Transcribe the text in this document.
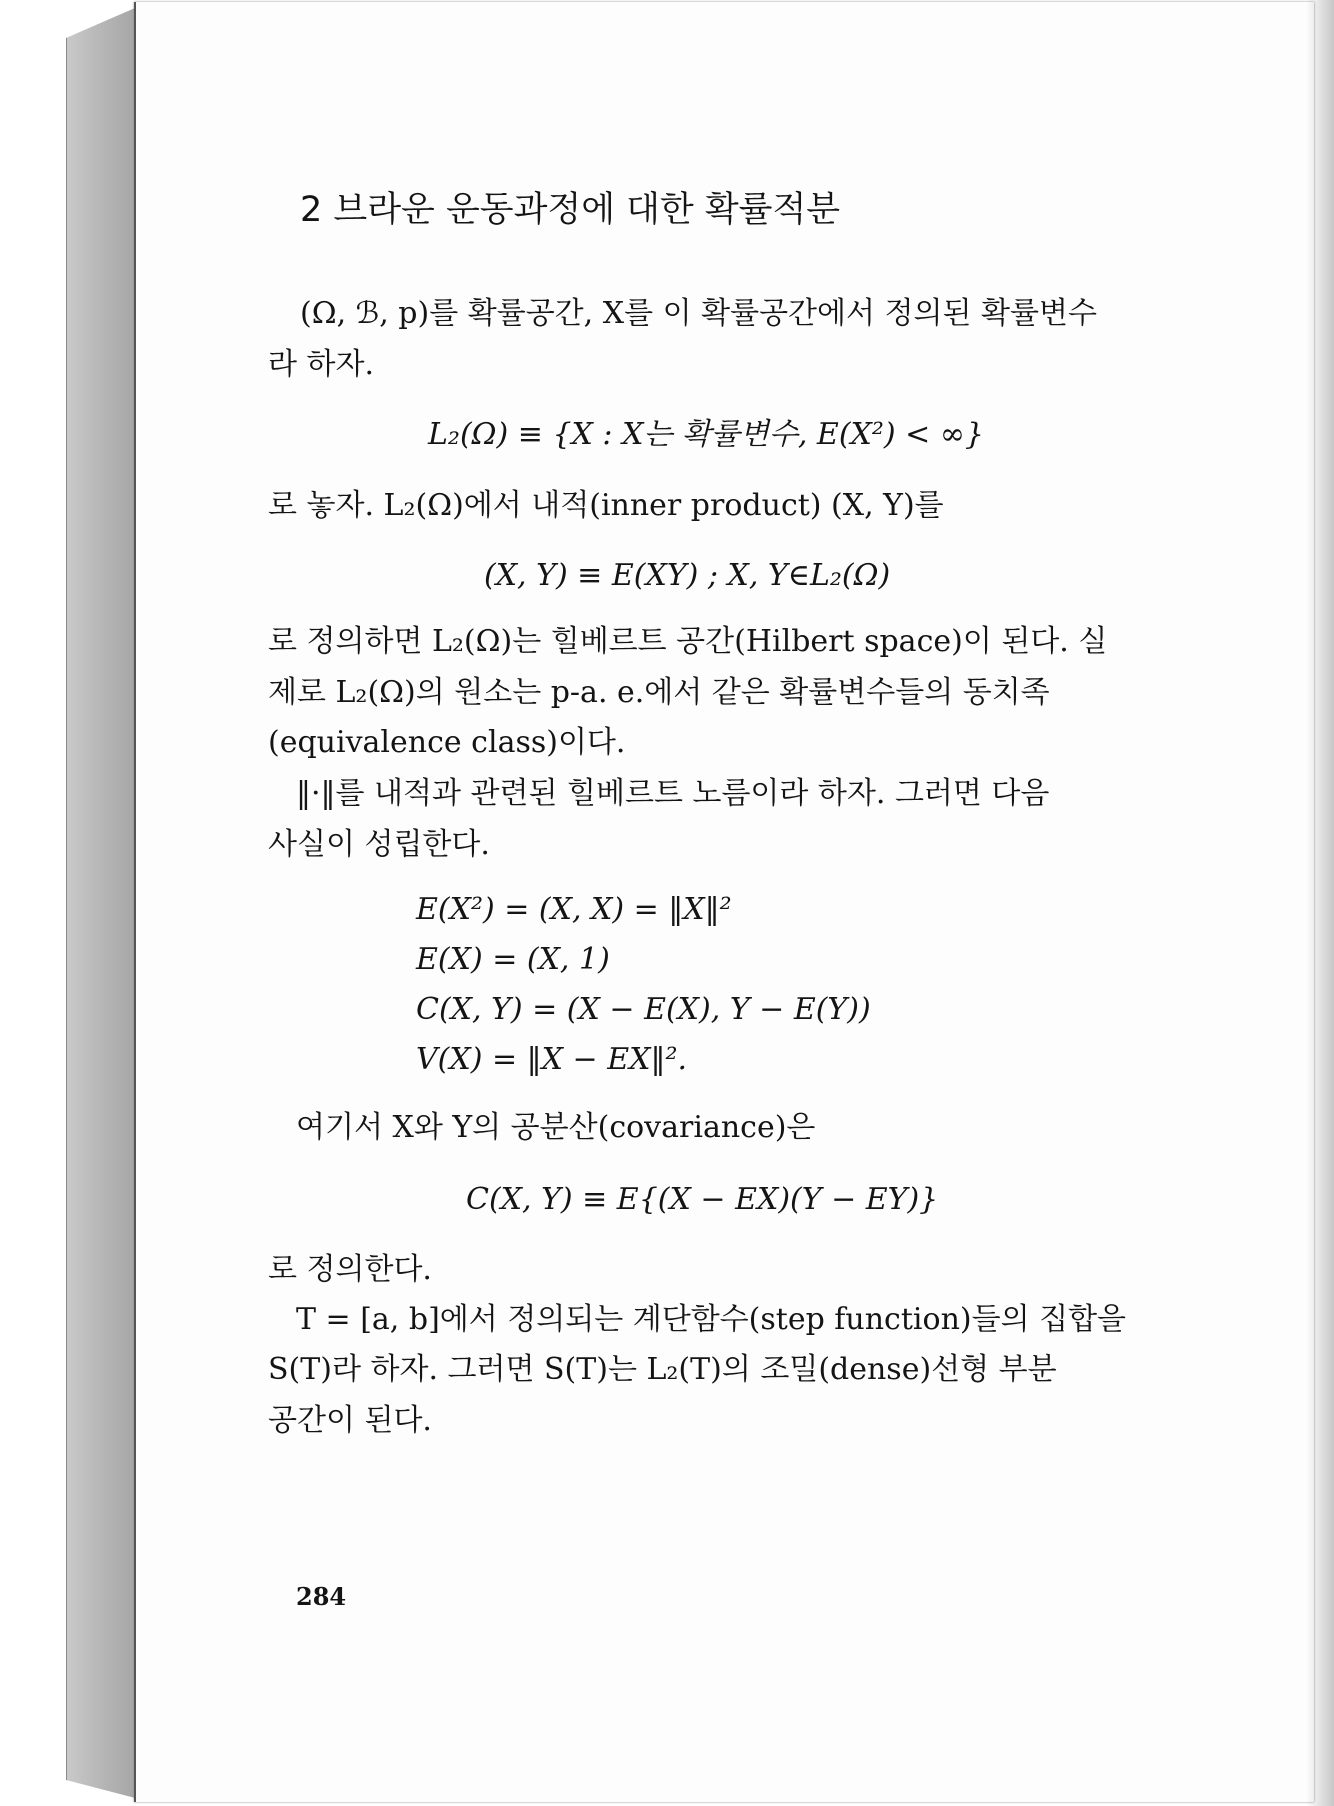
2 브라운 운동과정에 대한 확률적분
(Ω, ℬ, p)를 확률공간, X를 이 확률공간에서 정의된 확률변수
라 하자.
L₂(Ω) ≡ {X : X는 확률변수, E(X²) < ∞}
로 놓자. L₂(Ω)에서 내적(inner product) (X, Y)를
(X, Y) ≡ E(XY) ; X, Y∈L₂(Ω)
로 정의하면 L₂(Ω)는 힐베르트 공간(Hilbert space)이 된다. 실
제로 L₂(Ω)의 원소는 p-a. e.에서 같은 확률변수들의 동치족
(equivalence class)이다.
‖·‖를 내적과 관련된 힐베르트 노름이라 하자. 그러면 다음
사실이 성립한다.
E(X²) = (X, X) = ‖X‖²
E(X) = (X, 1)
C(X, Y) = (X − E(X), Y − E(Y))
V(X) = ‖X − EX‖².
여기서 X와 Y의 공분산(covariance)은
C(X, Y) ≡ E{(X − EX)(Y − EY)}
로 정의한다.
T = [a, b]에서 정의되는 계단함수(step function)들의 집합을
S(T)라 하자. 그러면 S(T)는 L₂(T)의 조밀(dense)선형 부분
공간이 된다.
284
